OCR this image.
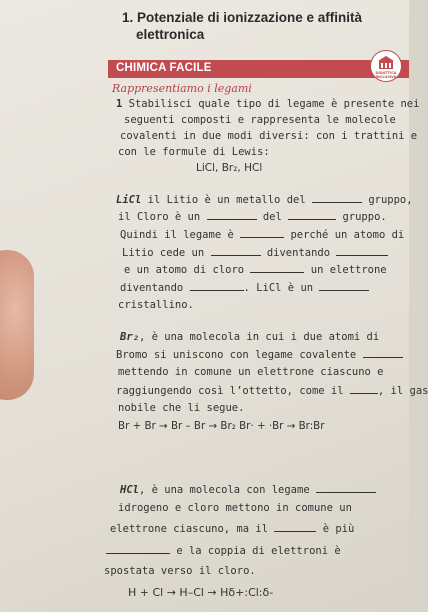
1. Potenziale di ionizzazione e affinità
elettronica
CHIMICA FACILE	DIDATTICA INCLUSIVA
Rappresentiamo i legami
1 Stabilisci quale tipo di legame è presente nei
seguenti composti e rappresenta le molecole
covalenti in due modi diversi: con i trattini e
con le formule di Lewis:
LiCl, Br₂, HCl
LiCl il Litio è un metallo del	gruppo,
il Cloro è un	del	gruppo.
Quindi il legame è	perché un atomo di
Litio cede un	diventando
e un atomo di cloro	un elettrone
diventando	. LiCl è un
cristallino.
Br₂, è una molecola in cui i due atomi di
Bromo si uniscono con legame covalente
mettendo in comune un elettrone ciascuno e
raggiungendo così l’ottetto, come il	, il gas
nobile che li segue.
Br + Br → Br – Br → Br₂ Br· + ·Br → Br:Br
HCl, è una molecola con legame
idrogeno e cloro mettono in comune un
elettrone ciascuno, ma il	è più
e la coppia di elettroni è
spostata verso il cloro.
H + Cl → H–Cl → Hδ+:Cl:δ-
